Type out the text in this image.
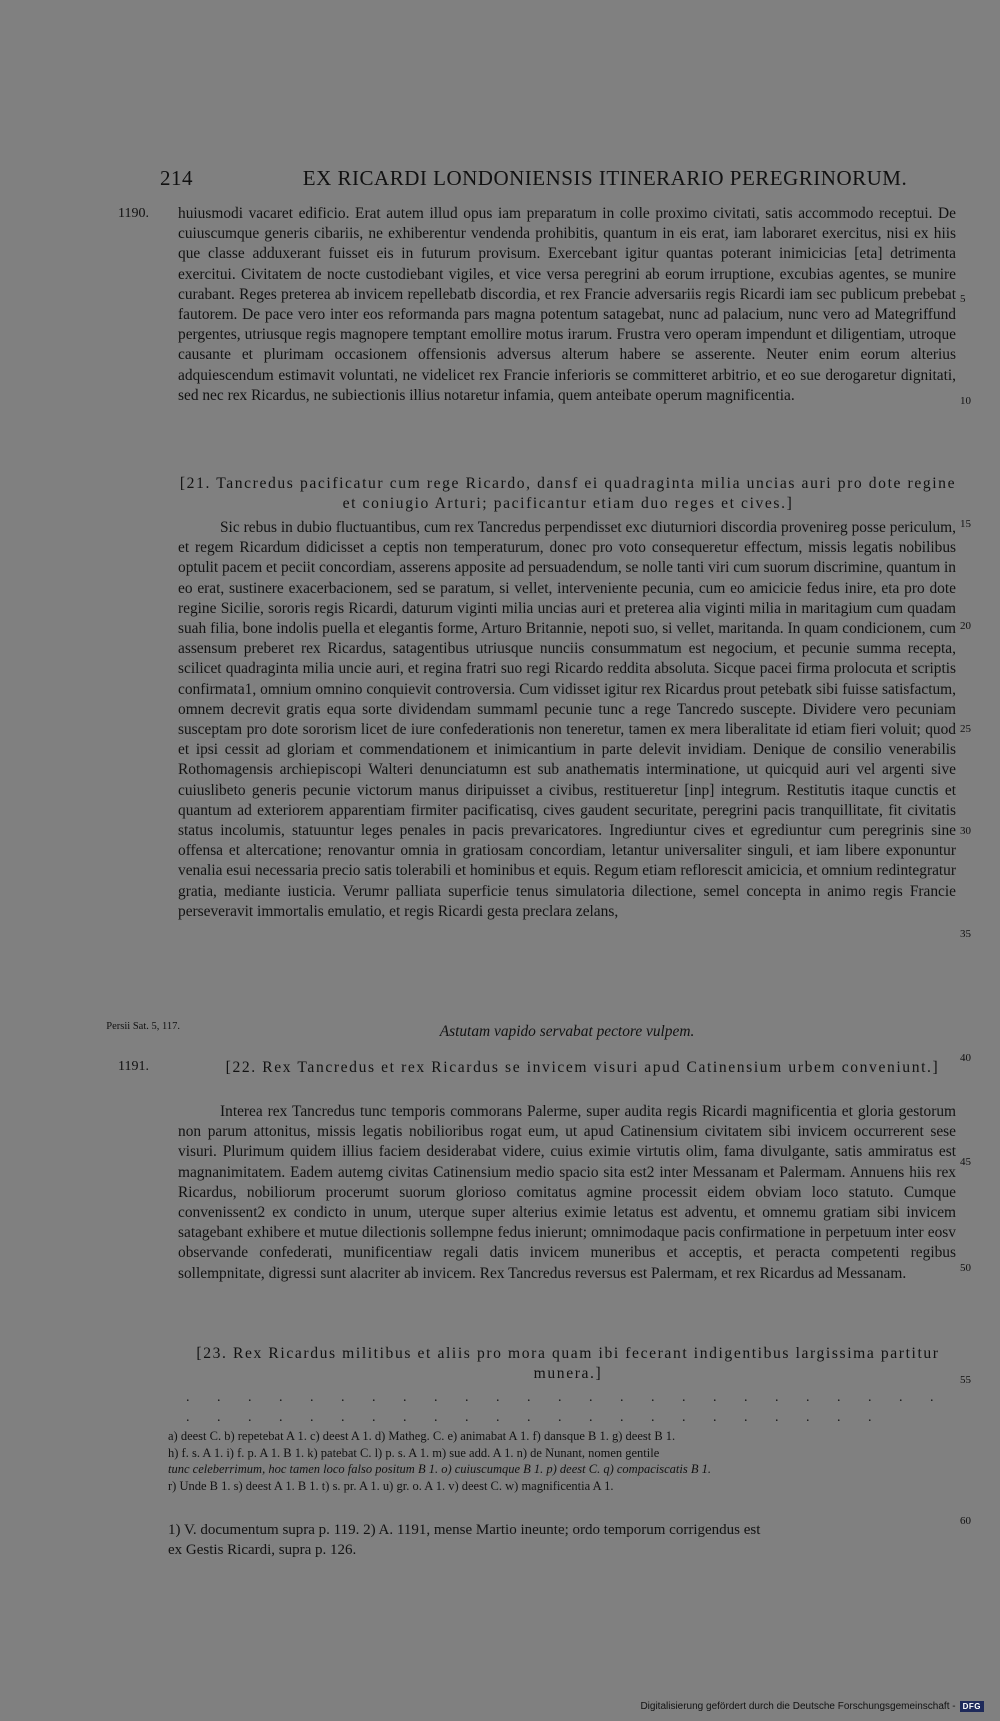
214	EX RICARDI LONDONIENSIS ITINERARIO PEREGRINORUM.
1190.
1191.
Persii Sat. 5, 117.
5
10
15
20
25
30
35
40
45
50
55
60

huiusmodi vacaret edificio. Erat autem illud opus iam preparatum in colle proximo civitati, satis accommodo receptui. De cuiuscumque generis cibariis, ne exhiberentur vendenda prohibitis, quantum in eis erat, iam laboraret exercitus, nisi ex hiis que classe adduxerant fuisset eis in futurum provisum. Exercebant igitur quantas poterant inimicicias [eta] detrimenta exercitui. Civitatem de nocte custodiebant vigiles, et vice versa peregrini ab eorum irruptione, excubias agentes, se munire curabant. Reges preterea ab invicem repellebatb discordia, et rex Francie adversariis regis Ricardi iam sec publicum prebebat fautorem. De pace vero inter eos reformanda pars magna potentum satagebat, nunc ad palacium, nunc vero ad Mategriffund pergentes, utriusque regis magnopere temptant emollire motus irarum. Frustra vero operam impendunt et diligentiam, utroque causante et plurimam occasionem offensionis adversus alterum habere se asserente. Neuter enim eorum alterius adquiescendum estimavit voluntati, ne videlicet rex Francie inferioris se committeret arbitrio, et eo sue derogaretur dignitati, sed nec rex Ricardus, ne subiectionis illius notaretur infamia, quem anteibate operum magnificentia.

[21. Tancredus pacificatur cum rege Ricardo, dansf ei quadraginta milia uncias auri pro dote regine et coniugio Arturi; pacificantur etiam duo reges et cives.]

Sic rebus in dubio fluctuantibus, cum rex Tancredus perpendisset exc diuturniori discordia provenireg posse periculum, et regem Ricardum didicisset a ceptis non temperaturum, donec pro voto consequeretur effectum, missis legatis nobilibus optulit pacem et peciit concordiam, asserens apposite ad persuadendum, se nolle tanti viri cum suorum discrimine, quantum in eo erat, sustinere exacerbacionem, sed se paratum, si vellet, interveniente pecunia, cum eo amicicie fedus inire, eta pro dote regine Sicilie, sororis regis Ricardi, daturum viginti milia uncias auri et preterea alia viginti milia in maritagium cum quadam suah filia, bone indolis puella et elegantis forme, Arturo Britannie, nepoti suo, si vellet, maritanda. In quam condicionem, cum assensum preberet rex Ricardus, satagentibus utriusque nunciis consummatum est negocium, et pecunie summa recepta, scilicet quadraginta milia uncie auri, et regina fratri suo regi Ricardo reddita absoluta. Sicque pacei firma prolocuta et scriptis confirmata1, omnium omnino conquievit controversia. Cum vidisset igitur rex Ricardus prout petebatk sibi fuisse satisfactum, omnem decrevit gratis equa sorte dividendam summaml pecunie tunc a rege Tancredo suscepte. Dividere vero pecuniam susceptam pro dote sororism licet de iure confederationis non teneretur, tamen ex mera liberalitate id etiam fieri voluit; quod et ipsi cessit ad gloriam et commendationem et inimicantium in parte delevit invidiam. Denique de consilio venerabilis Rothomagensis archiepiscopi Walteri denunciatumn est sub anathematis interminatione, ut quicquid auri vel argenti sive cuiuslibeto generis pecunie victorum manus diripuisset a civibus, restitueretur [inp] integrum. Restitutis itaque cunctis et quantum ad exteriorem apparentiam firmiter pacificatisq, cives gaudent securitate, peregrini pacis tranquillitate, fit civitatis status incolumis, statuuntur leges penales in pacis prevaricatores. Ingrediuntur cives et egrediuntur cum peregrinis sine offensa et altercatione; renovantur omnia in gratiosam concordiam, letantur universaliter singuli, et iam libere exponuntur venalia esui necessaria precio satis tolerabili et hominibus et equis. Regum etiam reflorescit amicicia, et omnium redintegratur gratia, mediante iusticia. Verumr palliata superficie tenus simulatoria dilectione, semel concepta in animo regis Francie perseveravit immortalis emulatio, et regis Ricardi gesta preclara zelans,

Astutam vapido servabat pectore vulpem.

[22. Rex Tancredus et rex Ricardus se invicem visuri apud Catinensium urbem conveniunt.]

Interea rex Tancredus tunc temporis commorans Palerme, super audita regis Ricardi magnificentia et gloria gestorum non parum attonitus, missis legatis nobilioribus rogat eum, ut apud Catinensium civitatem sibi invicem occurrerent sese visuri. Plurimum quidem illius faciem desiderabat videre, cuius eximie virtutis olim, fama divulgante, satis ammiratus est magnanimitatem. Eadem autemg civitas Catinensium medio spacio sita est2 inter Messanam et Palermam. Annuens hiis rex Ricardus, nobiliorum procerumt suorum glorioso comitatus agmine processit eidem obviam loco statuto. Cumque convenissent2 ex condicto in unum, uterque super alterius eximie letatus est adventu, et omnemu gratiam sibi invicem satagebant exhibere et mutue dilectionis sollempne fedus inierunt; omnimodaque pacis confirmatione in perpetuum inter eosv observande confederati, munificentiaw regali datis invicem muneribus et acceptis, et peracta competenti regibus sollempnitate, digressi sunt alacriter ab invicem. Rex Tancredus reversus est Palermam, et rex Ricardus ad Messanam.

[23. Rex Ricardus militibus et aliis pro mora quam ibi fecerant indigentibus largissima partitur munera.]

. . . . . . . . . . . . . . . . . . . . . . . . . . . . . . . . . . . . . . . . . . . . . . . .

a) deest C. b) repetebat A 1. c) deest A 1. d) Matheg. C. e) animabat A 1. f) dansque B 1. g) deest B 1.
h) f. s. A 1. i) f. p. A 1. B 1. k) patebat C. l) p. s. A 1. m) sue add. A 1. n) de Nunant, nomen gentile
tunc celeberrimum, hoc tamen loco falso positum B 1. o) cuiuscumque B 1. p) deest C. q) compaciscatis B 1.
r) Unde B 1. s) deest A 1. B 1. t) s. pr. A 1. u) gr. o. A 1. v) deest C. w) magnificentia A 1.
1) V. documentum supra p. 119. 2) A. 1191, mense Martio ineunte; ordo temporum corrigendus est
ex Gestis Ricardi, supra p. 126.
Digitalisierung gefördert durch die Deutsche Forschungsgemeinschaft - DFG
